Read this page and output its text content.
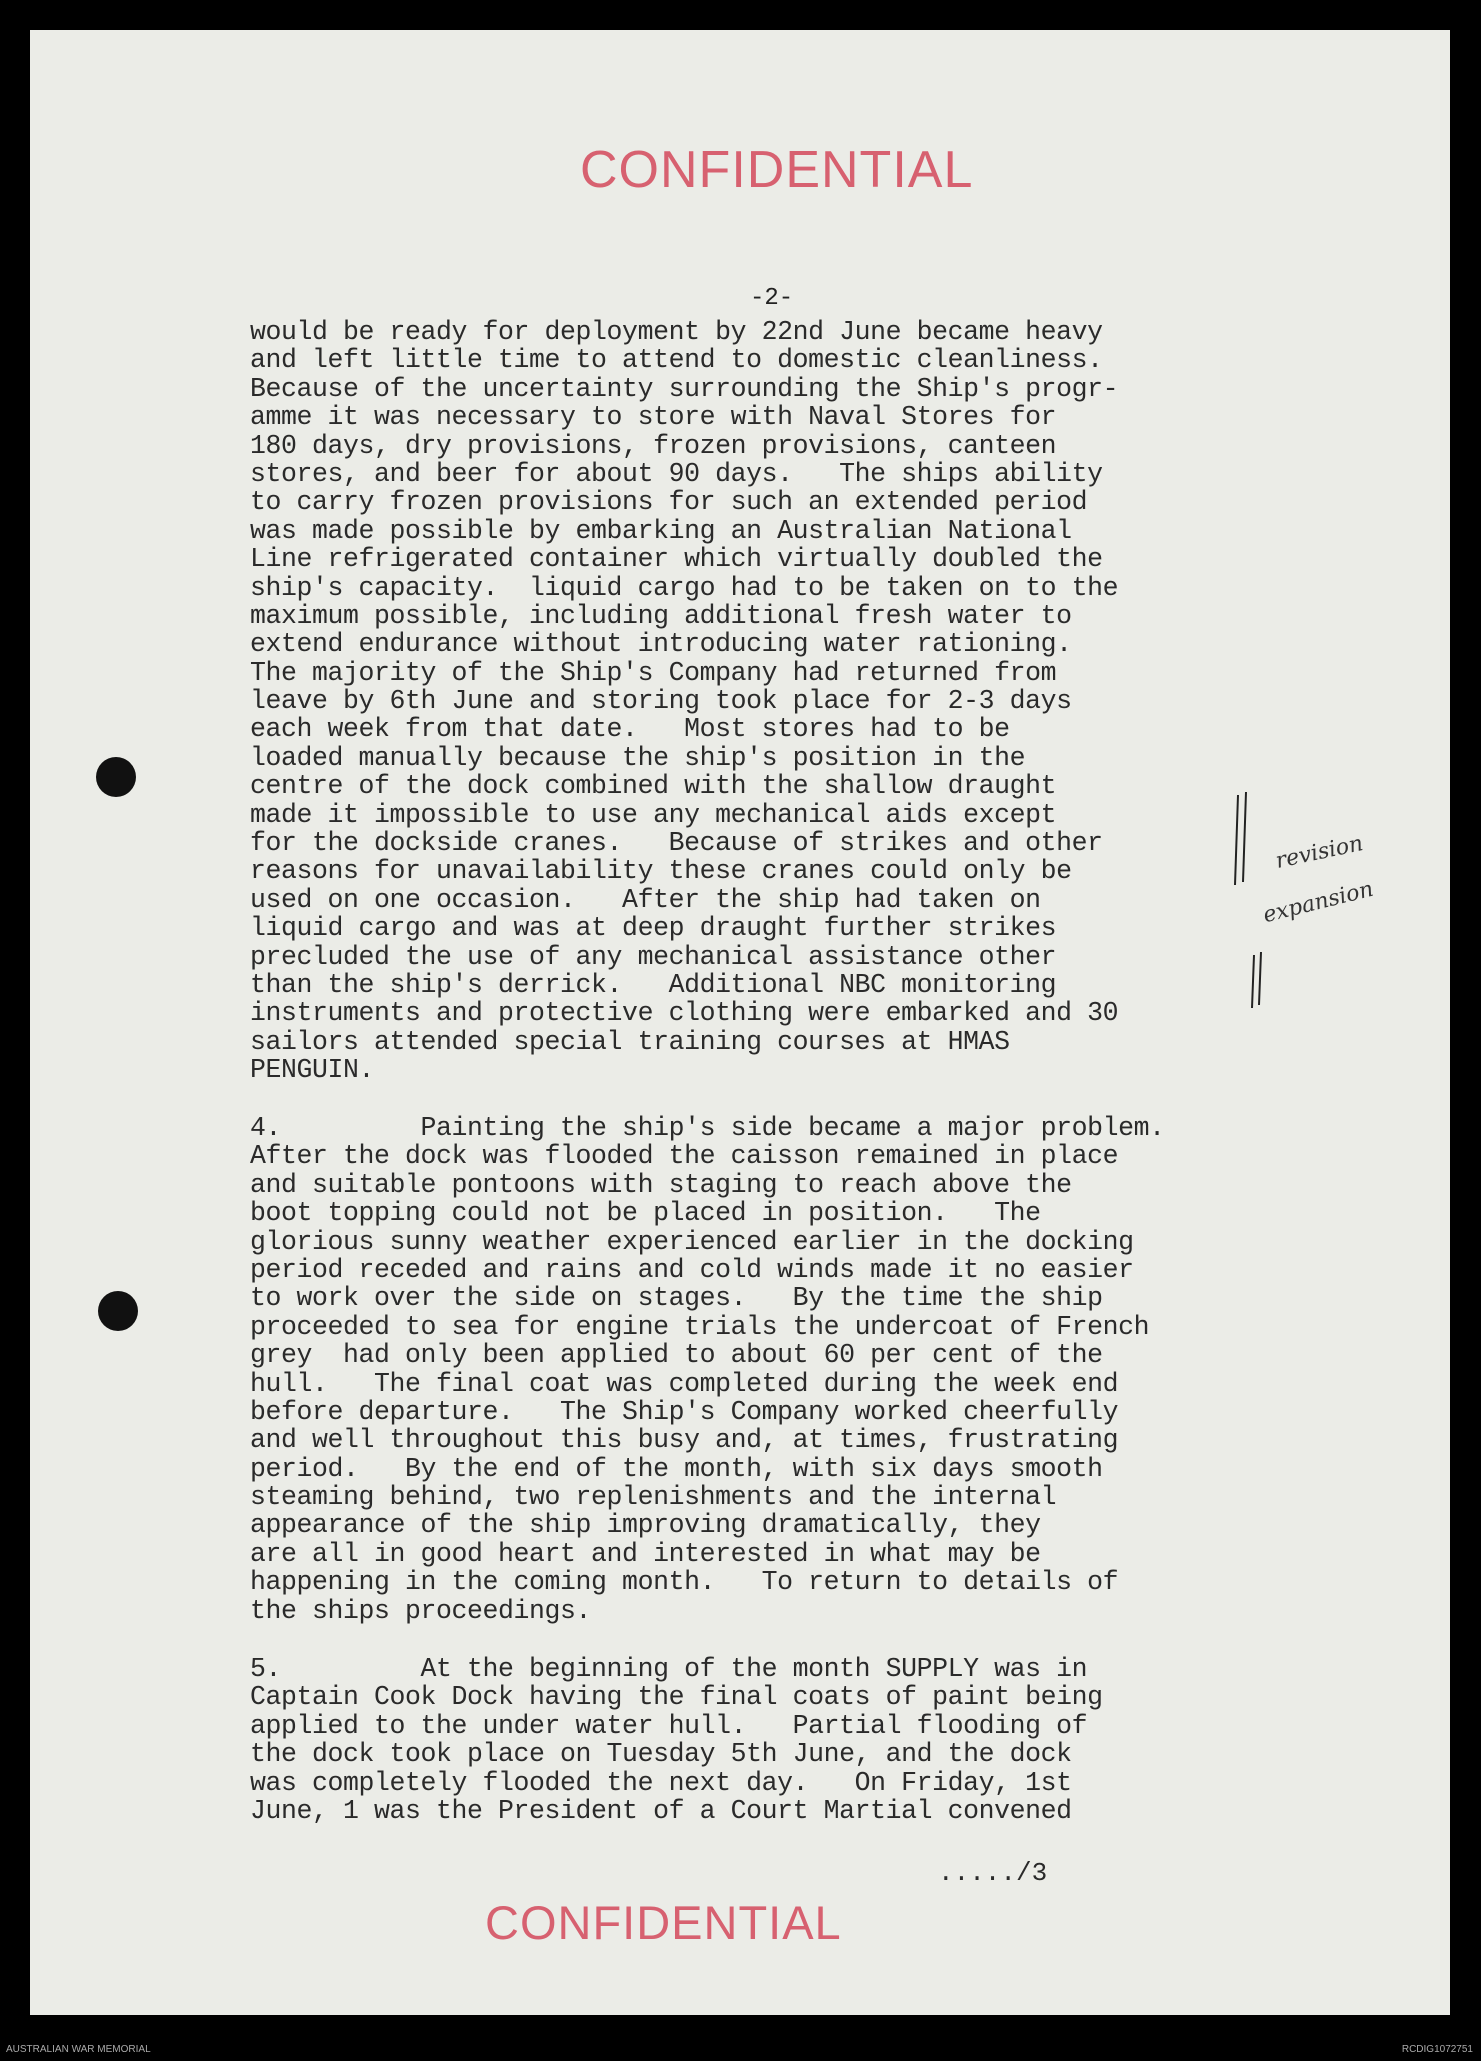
CONFIDENTIAL
-2-
would be ready for deployment by 22nd June became heavy
and left little time to attend to domestic cleanliness.
Because of the uncertainty surrounding the Ship's progr-
amme it was necessary to store with Naval Stores for
180 days, dry provisions, frozen provisions, canteen
stores, and beer for about 90 days.   The ships ability
to carry frozen provisions for such an extended period
was made possible by embarking an Australian National
Line refrigerated container which virtually doubled the
ship's capacity.  liquid cargo had to be taken on to the
maximum possible, including additional fresh water to
extend endurance without introducing water rationing.
The majority of the Ship's Company had returned from
leave by 6th June and storing took place for 2-3 days
each week from that date.   Most stores had to be
loaded manually because the ship's position in the
centre of the dock combined with the shallow draught
made it impossible to use any mechanical aids except
for the dockside cranes.   Because of strikes and other
reasons for unavailability these cranes could only be
used on one occasion.   After the ship had taken on
liquid cargo and was at deep draught further strikes
precluded the use of any mechanical assistance other
than the ship's derrick.   Additional NBC monitoring
instruments and protective clothing were embarked and 30
sailors attended special training courses at HMAS
PENGUIN.
4.         Painting the ship's side became a major problem.
After the dock was flooded the caisson remained in place
and suitable pontoons with staging to reach above the
boot topping could not be placed in position.   The
glorious sunny weather experienced earlier in the docking
period receded and rains and cold winds made it no easier
to work over the side on stages.   By the time the ship
proceeded to sea for engine trials the undercoat of French
grey  had only been applied to about 60 per cent of the
hull.   The final coat was completed during the week end
before departure.   The Ship's Company worked cheerfully
and well throughout this busy and, at times, frustrating
period.   By the end of the month, with six days smooth
steaming behind, two replenishments and the internal
appearance of the ship improving dramatically, they
are all in good heart and interested in what may be
happening in the coming month.   To return to details of
the ships proceedings.
5.         At the beginning of the month SUPPLY was in
Captain Cook Dock having the final coats of paint being
applied to the under water hull.   Partial flooding of
the dock took place on Tuesday 5th June, and the dock
was completely flooded the next day.   On Friday, 1st
June, 1 was the President of a Court Martial convened
revision
expansion
...../3
CONFIDENTIAL
AUSTRALIAN WAR MEMORIAL	RCDIG1072751
